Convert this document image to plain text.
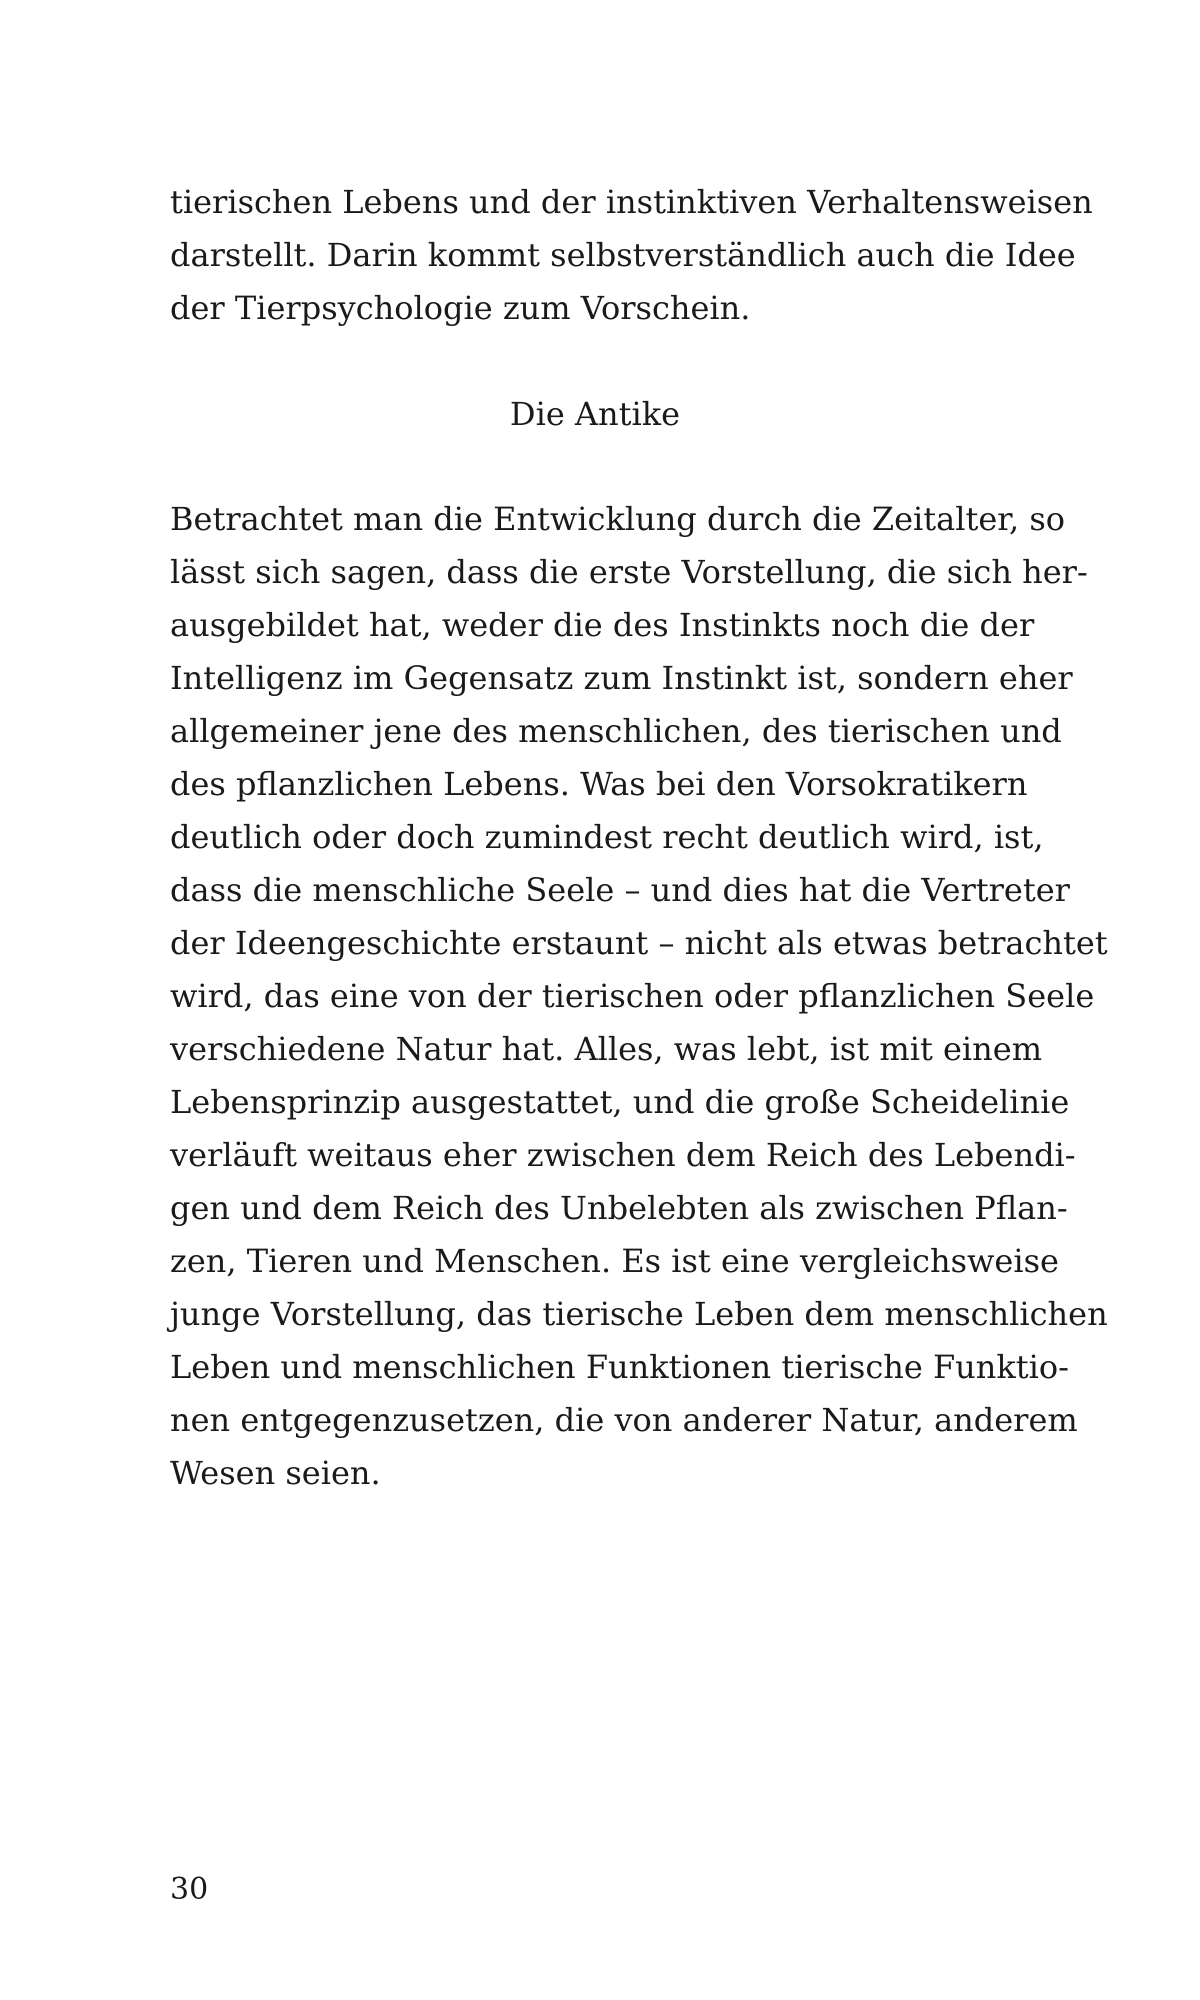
tierischen Lebens und der instinktiven Verhaltensweisen
darstellt. Darin kommt selbstverständlich auch die Idee
der Tierpsychologie zum Vorschein.
Die Antike
Betrachtet man die Entwicklung durch die Zeitalter, so
lässt sich sagen, dass die erste Vorstellung, die sich her-
ausgebildet hat, weder die des Instinkts noch die der
Intelligenz im Gegensatz zum Instinkt ist, sondern eher
allgemeiner jene des menschlichen, des tierischen und
des pflanzlichen Lebens. Was bei den Vorsokratikern
deutlich oder doch zumindest recht deutlich wird, ist,
dass die menschliche Seele – und dies hat die Vertreter
der Ideengeschichte erstaunt – nicht als etwas betrachtet
wird, das eine von der tierischen oder pflanzlichen Seele
verschiedene Natur hat. Alles, was lebt, ist mit einem
Lebensprinzip ausgestattet, und die große Scheidelinie
verläuft weitaus eher zwischen dem Reich des Lebendi-
gen und dem Reich des Unbelebten als zwischen Pflan-
zen, Tieren und Menschen. Es ist eine vergleichsweise
junge Vorstellung, das tierische Leben dem menschlichen
Leben und menschlichen Funktionen tierische Funktio-
nen entgegenzusetzen, die von anderer Natur, anderem
Wesen seien.
30
